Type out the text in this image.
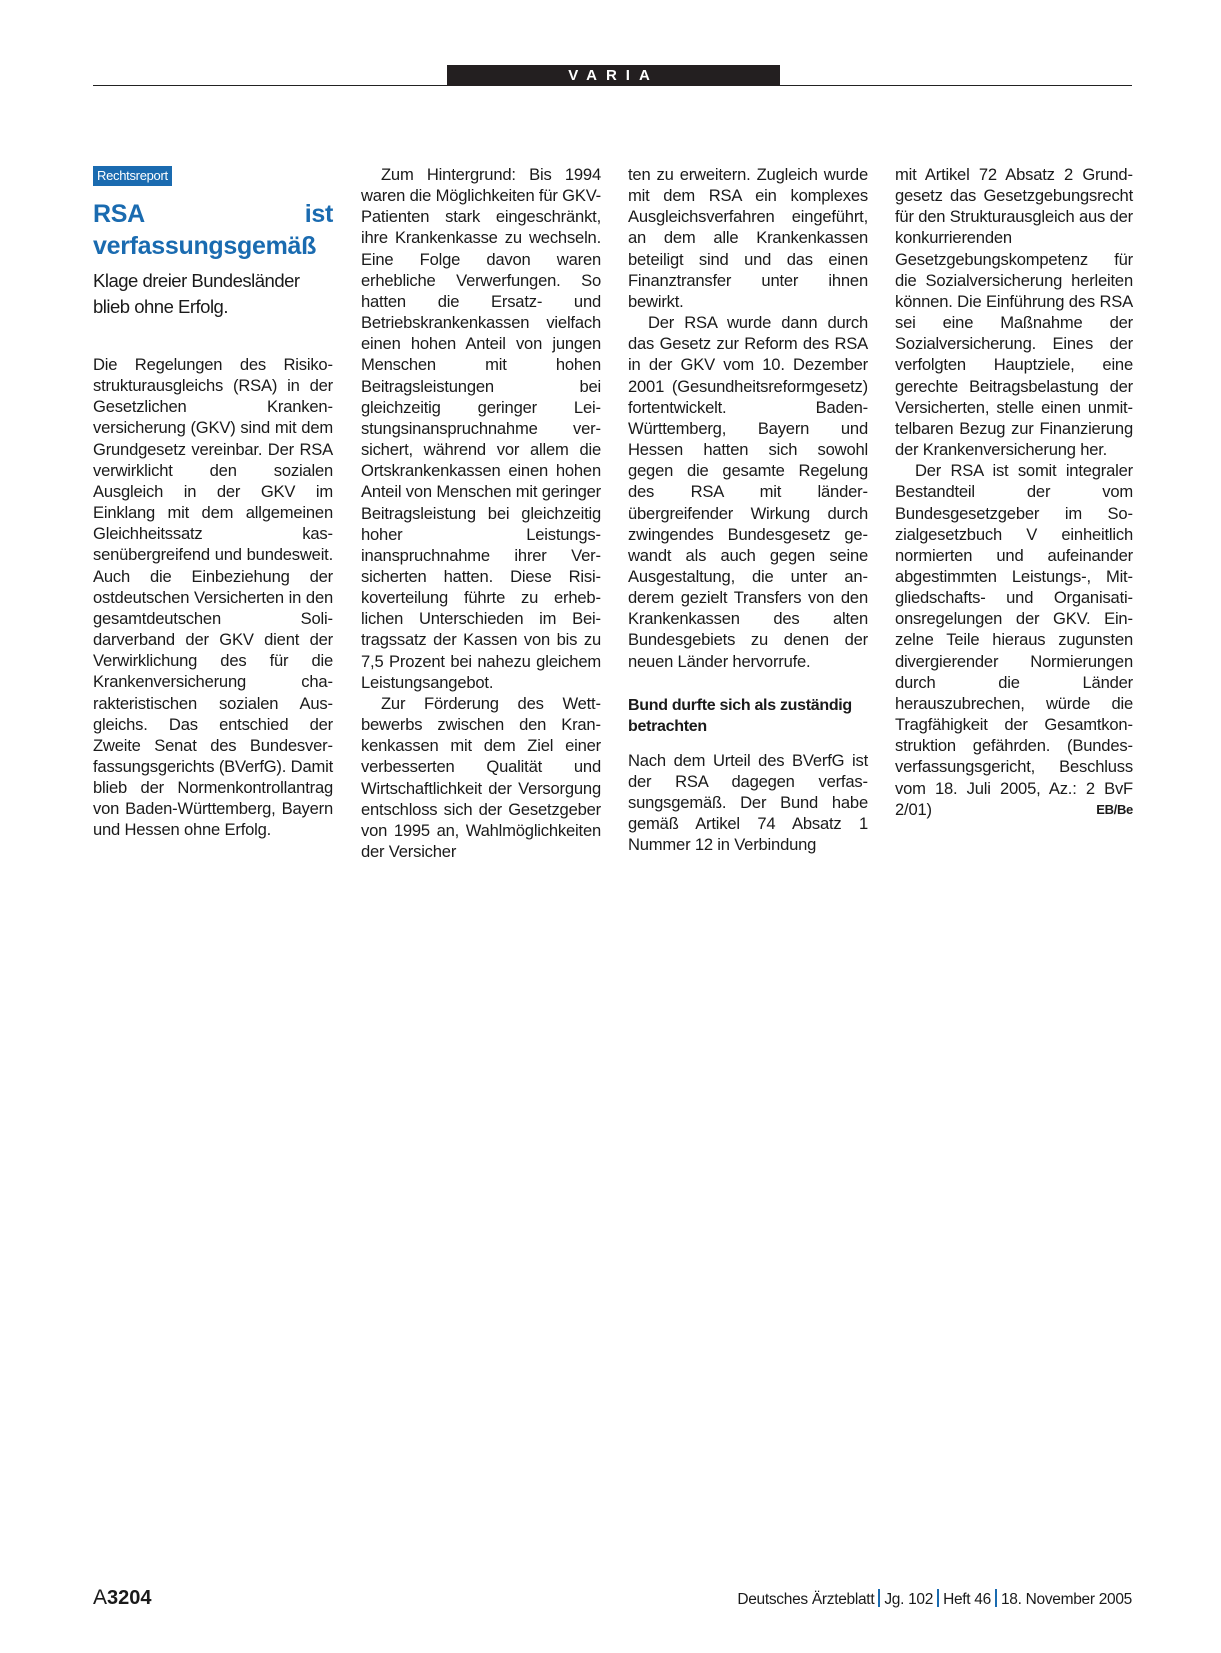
VARIA
Rechtsreport
RSA ist verfassungsgemäß
Klage dreier Bundesländer blieb ohne Erfolg.

Die Regelungen des Risikostrukturausgleichs (RSA) in der Gesetzlichen Krankenversicherung (GKV) sind mit dem Grundgesetz vereinbar. Der RSA verwirklicht den sozialen Ausgleich in der GKV im Einklang mit dem allgemeinen Gleichheitssatz kassenübergreifend und bundesweit. Auch die Einbeziehung der ostdeutschen Versicherten in den gesamtdeutschen Solidarverband der GKV dient der Verwirklichung des für die Krankenversicherung charakteristischen sozialen Ausgleichs. Das entschied der Zweite Senat des Bundesverfassungsgerichts (BVerfG). Damit blieb der Normenkontrollantrag von Baden-Württemberg, Bayern und Hessen ohne Erfolg.

Zum Hintergrund: Bis 1994 waren die Möglichkeiten für GKV-Patienten stark eingeschränkt, ihre Krankenkasse zu wechseln. Eine Folge davon waren erhebliche Verwerfungen. So hatten die Ersatz- und Betriebskrankenkassen vielfach einen hohen Anteil von jungen Menschen mit hohen Beitragsleistungen bei gleichzeitig geringer Leistungsinanspruchnahme versichert, während vor allem die Ortskrankenkassen einen hohen Anteil von Menschen mit geringer Beitragsleistung bei gleichzeitig hoher Leistungsinanspruchnahme ihrer Versicherten hatten. Diese Risikoverteilung führte zu erheblichen Unterschieden im Beitragssatz der Kassen von bis zu 7,5 Prozent bei nahezu gleichem Leistungsangebot.

Zur Förderung des Wettbewerbs zwischen den Krankenkassen mit dem Ziel einer verbesserten Qualität und Wirtschaftlichkeit der Versorgung entschloss sich der Gesetzgeber von 1995 an, Wahlmöglichkeiten der Versicher

ten zu erweitern. Zugleich wurde mit dem RSA ein komplexes Ausgleichsverfahren eingeführt, an dem alle Krankenkassen beteiligt sind und das einen Finanztransfer unter ihnen bewirkt.

Der RSA wurde dann durch das Gesetz zur Reform des RSA in der GKV vom 10. Dezember 2001 (Gesundheitsreformgesetz) fortentwickelt. Baden-Württemberg, Bayern und Hessen hatten sich sowohl gegen die gesamte Regelung des RSA mit länderübergreifender Wirkung durch zwingendes Bundesgesetz gewandt als auch gegen seine Ausgestaltung, die unter anderem gezielt Transfers von den Krankenkassen des alten Bundesgebiets zu denen der neuen Länder hervorrufe.

Bund durfte sich als zuständig betrachten

Nach dem Urteil des BVerfG ist der RSA dagegen verfassungsgemäß. Der Bund habe gemäß Artikel 74 Absatz 1 Nummer 12 in Verbindung

mit Artikel 72 Absatz 2 Grundgesetz das Gesetzgebungsrecht für den Strukturausgleich aus der konkurrierenden Gesetzgebungskompetenz für die Sozialversicherung herleiten können. Die Einführung des RSA sei eine Maßnahme der Sozialversicherung. Eines der verfolgten Hauptziele, eine gerechte Beitragsbelastung der Versicherten, stelle einen unmittelbaren Bezug zur Finanzierung der Krankenversicherung her.

Der RSA ist somit integraler Bestandteil der vom Bundesgesetzgeber im Sozialgesetzbuch V einheitlich normierten und aufeinander abgestimmten Leistungs-, Mitgliedschafts- und Organisationsregelungen der GKV. Einzelne Teile hieraus zugunsten divergierender Normierungen durch die Länder herauszubrechen, würde die Tragfähigkeit der Gesamtkonstruktion gefährden. (Bundesverfassungsgericht, Beschluss vom 18. Juli 2005, Az.: 2 BvF 2/01)	EB/Be

A3204	Deutsches Ärzteblatt Jg. 102 Heft 46 18. November 2005
